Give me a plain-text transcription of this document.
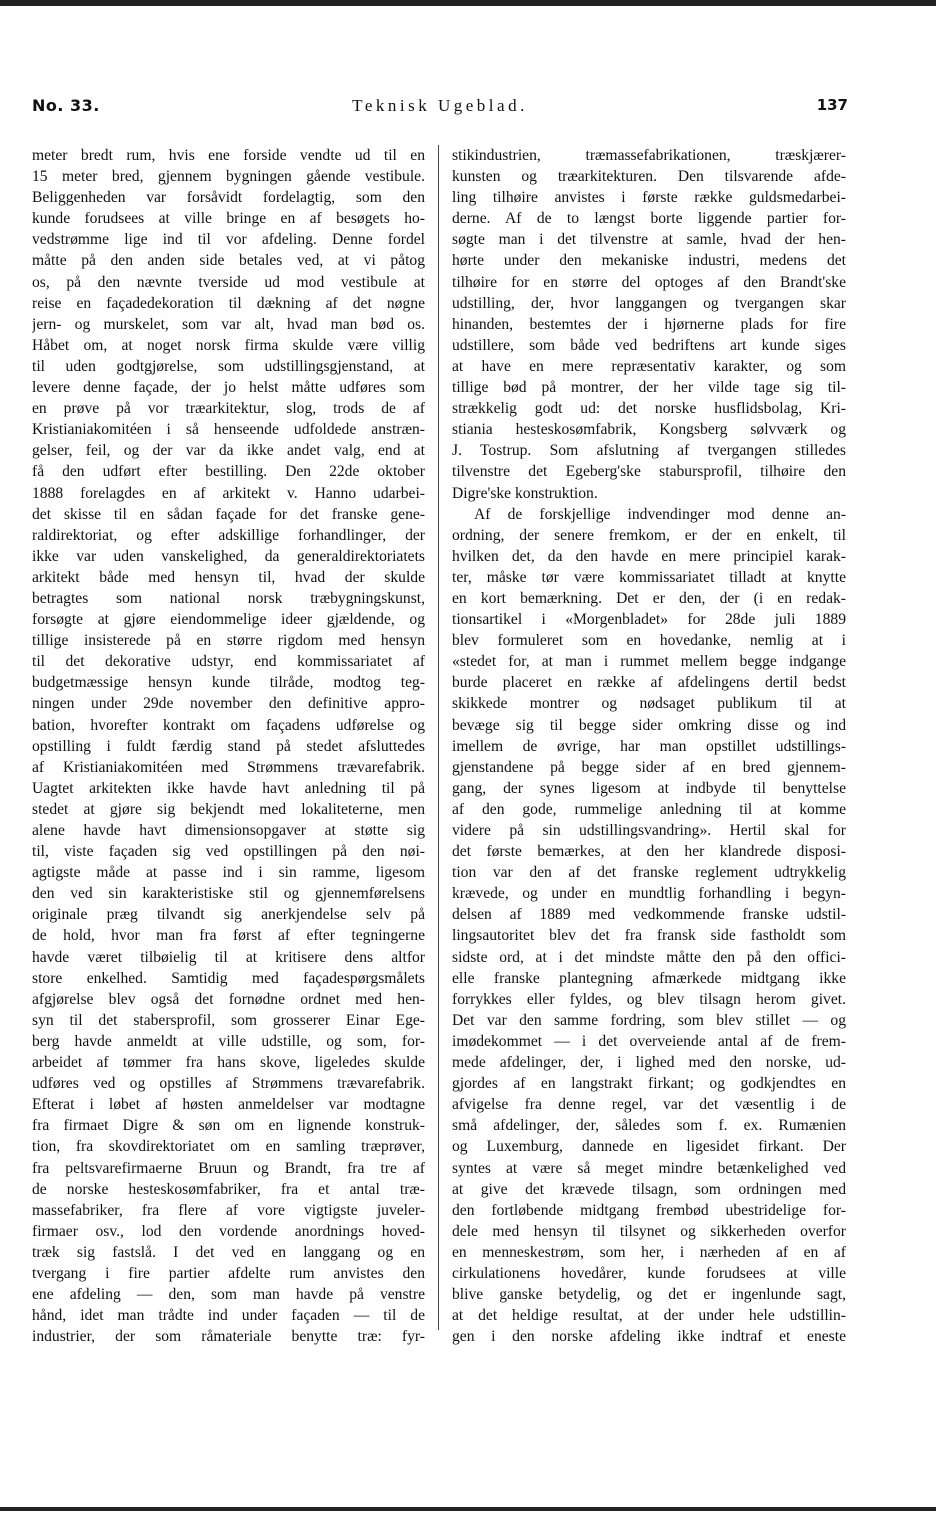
No. 33.	Teknisk Ugeblad.	137
meter bredt rum, hvis ene forside vendte ud til en
15 meter bred, gjennem bygningen gående vestibule.
Beliggenheden var forsåvidt fordelagtig, som den
kunde forudsees at ville bringe en af besøgets ho-
vedstrømme lige ind til vor afdeling. Denne fordel
måtte på den anden side betales ved, at vi påtog
os, på den nævnte tverside ud mod vestibule at
reise en façadedekoration til dækning af det nøgne
jern- og murskelet, som var alt, hvad man bød os.
Håbet om, at noget norsk firma skulde være villig
til uden godtgjørelse, som udstillingsgjenstand, at
levere denne façade, der jo helst måtte udføres som
en prøve på vor træarkitektur, slog, trods de af
Kristianiakomitéen i så henseende udfoldede anstræn-
gelser, feil, og der var da ikke andet valg, end at
få den udført efter bestilling. Den 22de oktober
1888 forelagdes en af arkitekt v. Hanno udarbei-
det skisse til en sådan façade for det franske gene-
raldirektoriat, og efter adskillige forhandlinger, der
ikke var uden vanskelighed, da generaldirektoriatets
arkitekt både med hensyn til, hvad der skulde
betragtes som national norsk træbygningskunst,
forsøgte at gjøre eiendommelige ideer gjældende, og
tillige insisterede på en større rigdom med hensyn
til det dekorative udstyr, end kommissariatet af
budgetmæssige hensyn kunde tilråde, modtog teg-
ningen under 29de november den definitive appro-
bation, hvorefter kontrakt om façadens udførelse og
opstilling i fuldt færdig stand på stedet afsluttedes
af Kristianiakomitéen med Strømmens trævarefabrik.
Uagtet arkitekten ikke havde havt anledning til på
stedet at gjøre sig bekjendt med lokaliteterne, men
alene havde havt dimensionsopgaver at støtte sig
til, viste façaden sig ved opstillingen på den nøi-
agtigste måde at passe ind i sin ramme, ligesom
den ved sin karakteristiske stil og gjennemførelsens
originale præg tilvandt sig anerkjendelse selv på
de hold, hvor man fra først af efter tegningerne
havde været tilbøielig til at kritisere dens altfor
store enkelhed. Samtidig med façadespørgsmålets
afgjørelse blev også det fornødne ordnet med hen-
syn til det stabersprofil, som grosserer Einar Ege-
berg havde anmeldt at ville udstille, og som, for-
arbeidet af tømmer fra hans skove, ligeledes skulde
udføres ved og opstilles af Strømmens trævarefabrik.
Efterat i løbet af høsten anmeldelser var modtagne
fra firmaet Digre & søn om en lignende konstruk-
tion, fra skovdirektoriatet om en samling træprøver,
fra peltsvarefirmaerne Bruun og Brandt, fra tre af
de norske hesteskosømfabriker, fra et antal træ-
massefabriker, fra flere af vore vigtigste juveler-
firmaer osv., lod den vordende anordnings hoved-
træk sig fastslå. I det ved en langgang og en
tvergang i fire partier afdelte rum anvistes den
ene afdeling — den, som man havde på venstre
hånd, idet man trådte ind under façaden — til de
industrier, der som råmateriale benytte træ: fyr-
stikindustrien, træmassefabrikationen, træskjærer-
kunsten og træarkitekturen. Den tilsvarende afde-
ling tilhøire anvistes i første række guldsmedarbei-
derne. Af de to længst borte liggende partier for-
søgte man i det tilvenstre at samle, hvad der hen-
hørte under den mekaniske industri, medens det
tilhøire for en større del optoges af den Brandt'ske
udstilling, der, hvor langgangen og tvergangen skar
hinanden, bestemtes der i hjørnerne plads for fire
udstillere, som både ved bedriftens art kunde siges
at have en mere repræsentativ karakter, og som
tillige bød på montrer, der her vilde tage sig til-
strækkelig godt ud: det norske husflidsbolag, Kri-
stiania hesteskosømfabrik, Kongsberg sølvværk og
J. Tostrup. Som afslutning af tvergangen stilledes
tilvenstre det Egeberg'ske stabursprofil, tilhøire den
Digre'ske konstruktion.
Af de forskjellige indvendinger mod denne an-
ordning, der senere fremkom, er der en enkelt, til
hvilken det, da den havde en mere principiel karak-
ter, måske tør være kommissariatet tilladt at knytte
en kort bemærkning. Det er den, der (i en redak-
tionsartikel i «Morgenbladet» for 28de juli 1889
blev formuleret som en hovedanke, nemlig at i
«stedet for, at man i rummet mellem begge indgange
burde placeret en række af afdelingens dertil bedst
skikkede montrer og nødsaget publikum til at
bevæge sig til begge sider omkring disse og ind
imellem de øvrige, har man opstillet udstillings-
gjenstandene på begge sider af en bred gjennem-
gang, der synes ligesom at indbyde til benyttelse
af den gode, rummelige anledning til at komme
videre på sin udstillingsvandring». Hertil skal for
det første bemærkes, at den her klandrede disposi-
tion var den af det franske reglement udtrykkelig
krævede, og under en mundtlig forhandling i begyn-
delsen af 1889 med vedkommende franske udstil-
lingsautoritet blev det fra fransk side fastholdt som
sidste ord, at i det mindste måtte den på den offici-
elle franske plantegning afmærkede midtgang ikke
forrykkes eller fyldes, og blev tilsagn herom givet.
Det var den samme fordring, som blev stillet — og
imødekommet — i det overveiende antal af de frem-
mede afdelinger, der, i lighed med den norske, ud-
gjordes af en langstrakt firkant; og godkjendtes en
afvigelse fra denne regel, var det væsentlig i de
små afdelinger, der, således som f. ex. Rumænien
og Luxemburg, dannede en ligesidet firkant. Der
syntes at være så meget mindre betænkelighed ved
at give det krævede tilsagn, som ordningen med
den fortløbende midtgang frembød ubestridelige for-
dele med hensyn til tilsynet og sikkerheden overfor
en menneskestrøm, som her, i nærheden af en af
cirkulationens hovedårer, kunde forudsees at ville
blive ganske betydelig, og det er ingenlunde sagt,
at det heldige resultat, at der under hele udstillin-
gen i den norske afdeling ikke indtraf et eneste
